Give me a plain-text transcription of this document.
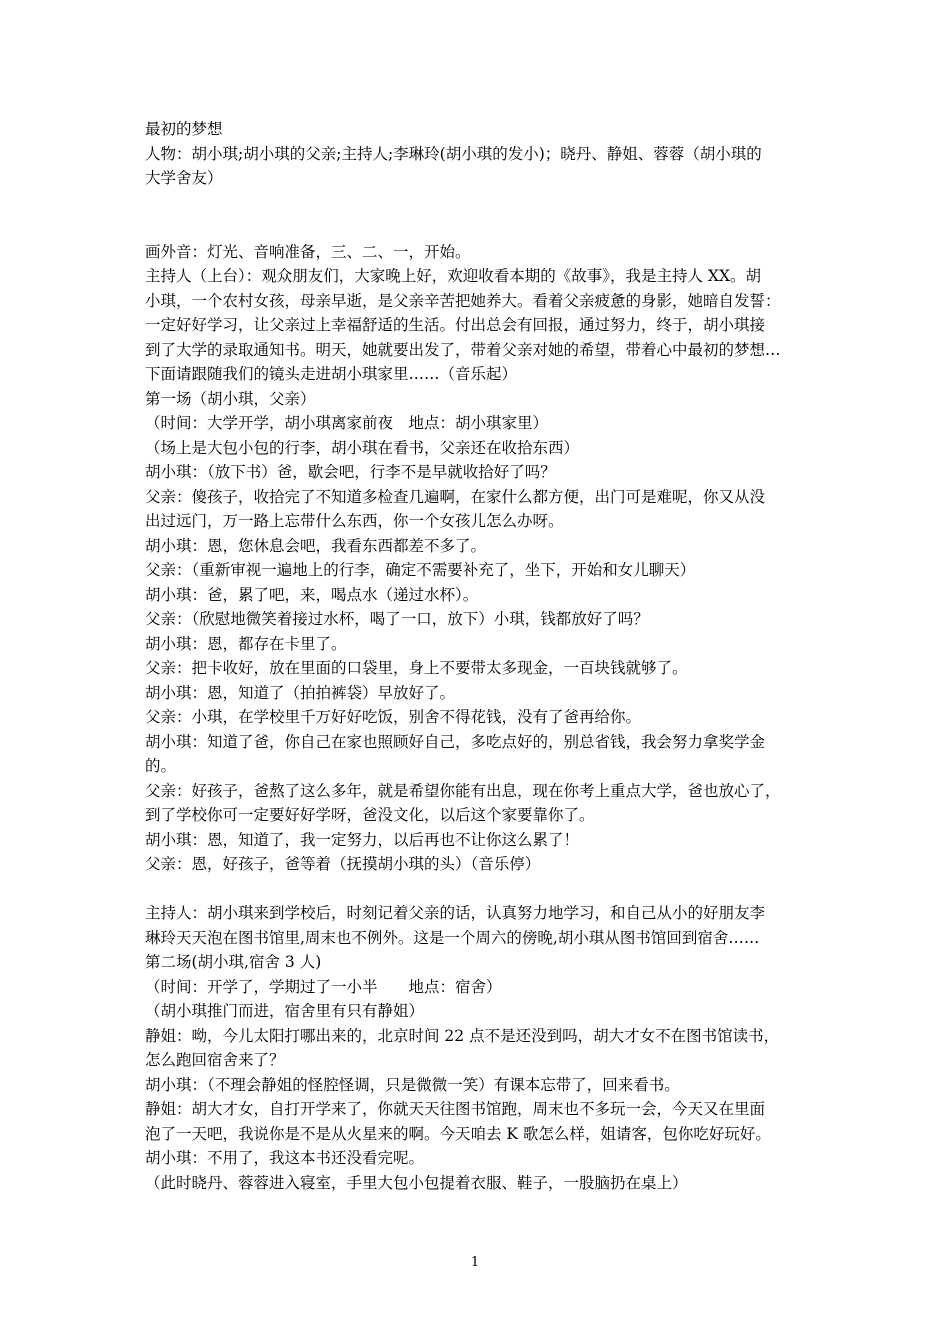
最初的梦想

人物：胡小琪;胡小琪的父亲;主持人;李琳玲(胡小琪的发小)；晓丹、静姐、蓉蓉（胡小琪的

大学舍友）

画外音：灯光、音响准备，三、二、一，开始。

主持人（上台）：观众朋友们，大家晚上好，欢迎收看本期的《故事》，我是主持人 XX。胡

小琪，一个农村女孩，母亲早逝，是父亲辛苦把她养大。看着父亲疲惫的身影，她暗自发誓：

一定好好学习，让父亲过上幸福舒适的生活。付出总会有回报，通过努力，终于，胡小琪接

到了大学的录取通知书。明天，她就要出发了，带着父亲对她的希望，带着心中最初的梦想…

下面请跟随我们的镜头走进胡小琪家里……（音乐起）

第一场（胡小琪，父亲）

（时间：大学开学，胡小琪离家前夜　地点：胡小琪家里）

（场上是大包小包的行李，胡小琪在看书，父亲还在收拾东西）

胡小琪：（放下书）爸，歇会吧，行李不是早就收拾好了吗？

父亲：傻孩子，收拾完了不知道多检查几遍啊，在家什么都方便，出门可是难呢，你又从没

出过远门，万一路上忘带什么东西，你一个女孩儿怎么办呀。

胡小琪：恩，您休息会吧，我看东西都差不多了。

父亲：（重新审视一遍地上的行李，确定不需要补充了，坐下，开始和女儿聊天）

胡小琪：爸，累了吧，来，喝点水（递过水杯）。

父亲：（欣慰地微笑着接过水杯，喝了一口，放下）小琪，钱都放好了吗？

胡小琪：恩，都存在卡里了。

父亲：把卡收好，放在里面的口袋里，身上不要带太多现金，一百块钱就够了。

胡小琪：恩，知道了（拍拍裤袋）早放好了。

父亲：小琪，在学校里千万好好吃饭，别舍不得花钱，没有了爸再给你。

胡小琪：知道了爸，你自己在家也照顾好自己，多吃点好的，别总省钱，我会努力拿奖学金

的。

父亲：好孩子，爸熬了这么多年，就是希望你能有出息，现在你考上重点大学，爸也放心了，

到了学校你可一定要好好学呀，爸没文化，以后这个家要靠你了。

胡小琪：恩，知道了，我一定努力，以后再也不让你这么累了！

父亲：恩，好孩子，爸等着（抚摸胡小琪的头）（音乐停）

主持人：胡小琪来到学校后，时刻记着父亲的话，认真努力地学习，和自己从小的好朋友李

琳玲天天泡在图书馆里,周末也不例外。这是一个周六的傍晚,胡小琪从图书馆回到宿舍……

第二场(胡小琪,宿舍 3 人)

（时间：开学了，学期过了一小半　　地点：宿舍）

（胡小琪推门而进，宿舍里有只有静姐）

静姐：呦，今儿太阳打哪出来的，北京时间 22 点不是还没到吗，胡大才女不在图书馆读书，

怎么跑回宿舍来了？

胡小琪：（不理会静姐的怪腔怪调，只是微微一笑）有课本忘带了，回来看书。

静姐：胡大才女，自打开学来了，你就天天往图书馆跑，周末也不多玩一会，今天又在里面

泡了一天吧，我说你是不是从火星来的啊。今天咱去 K 歌怎么样，姐请客，包你吃好玩好。

胡小琪：不用了，我这本书还没看完呢。

（此时晓丹、蓉蓉进入寝室，手里大包小包提着衣服、鞋子，一股脑扔在桌上）

1
